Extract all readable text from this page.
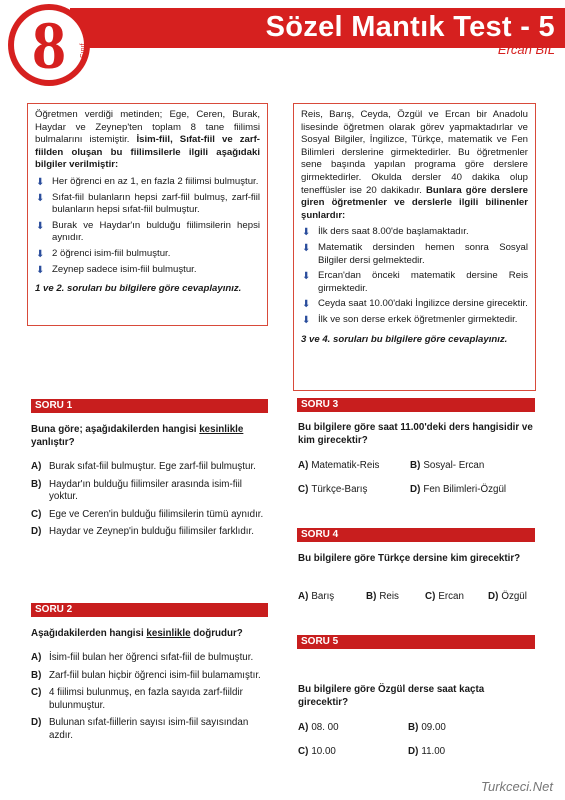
Sözel Mantık Test - 5
Ercan BİL
8	Sınıf

Öğretmen verdiği metinden; Ege, Ceren, Burak, Haydar ve Zeynep'ten toplam 8 tane fiilimsi bulmalarını istemiştir. İsim-fiil, Sıfat-fiil ve zarf-fiilden oluşan bu fiilimsilerle ilgili aşağıdaki bilgiler verilmiştir:

⬇ Her öğrenci en az 1, en fazla 2 fiilimsi bulmuştur.
⬇ Sıfat-fiil bulanların hepsi zarf-fiil bulmuş, zarf-fiil bulanların hepsi sıfat-fiil bulmuştur.
⬇ Burak ve Haydar'ın bulduğu fiilimsilerin hepsi aynıdır.
⬇ 2 öğrenci isim-fiil bulmuştur.
⬇ Zeynep sadece isim-fiil bulmuştur.
1 ve 2. soruları bu bilgilere göre cevaplayınız.

Reis, Barış, Ceyda, Özgül ve Ercan bir Anadolu lisesinde öğretmen olarak görev yapmaktadırlar ve Sosyal Bilgiler, İngilizce, Türkçe, matematik ve Fen Bilimleri derslerine girmektedirler. Bu öğretmenler sene başında yapılan programa göre derslere girmektedirler. Okulda dersler 40 dakika olup teneffüsler ise 20 dakikadır. Bunlara göre derslere giren öğretmenler ve derslerle ilgili bilinenler şunlardır:

⬇ İlk ders saat 8.00'de başlamaktadır.
⬇ Matematik dersinden hemen sonra Sosyal Bilgiler dersi gelmektedir.
⬇ Ercan'dan önceki matematik dersine Reis girmektedir.
⬇ Ceyda saat 10.00'daki İngilizce dersine girecektir.
⬇ İlk ve son derse erkek öğretmenler girmektedir.
3 ve 4. soruları bu bilgilere göre cevaplayınız.
SORU 1
Buna göre; aşağıdakilerden hangisi kesinlikle yanlıştır?
A) Burak sıfat-fiil bulmuştur. Ege zarf-fiil bulmuştur.
B) Haydar'ın bulduğu fiilimsiler arasında isim-fiil yoktur.
C) Ege ve Ceren'in bulduğu fiilimsilerin tümü aynıdır.
D) Haydar ve Zeynep'in bulduğu fiilimsiler farklıdır.
SORU 2
Aşağıdakilerden hangisi kesinlikle doğrudur?
A) İsim-fiil bulan her öğrenci sıfat-fiil de bulmuştur.
B) Zarf-fiil bulan hiçbir öğrenci isim-fiil bulamamıştır.
C) 4 fiilimsi bulunmuş, en fazla sayıda zarf-fiildir bulunmuştur.
D) Bulunan sıfat-fiillerin sayısı isim-fiil sayısından azdır.
SORU 3
Bu bilgilere göre saat 11.00'deki ders hangisidir ve kim girecektir?
A) Matematik-Reis	B) Sosyal- Ercan
C) Türkçe-Barış	D) Fen Bilimleri-Özgül
SORU 4
Bu bilgilere göre Türkçe dersine kim girecektir?
A) Barış	B) Reis	C) Ercan D) Özgül
SORU 5
Bu bilgilere göre Özgül derse saat kaçta girecektir?
A) 08. 00	B) 09.00
C) 10.00	D) 11.00
Turkceci.Net
